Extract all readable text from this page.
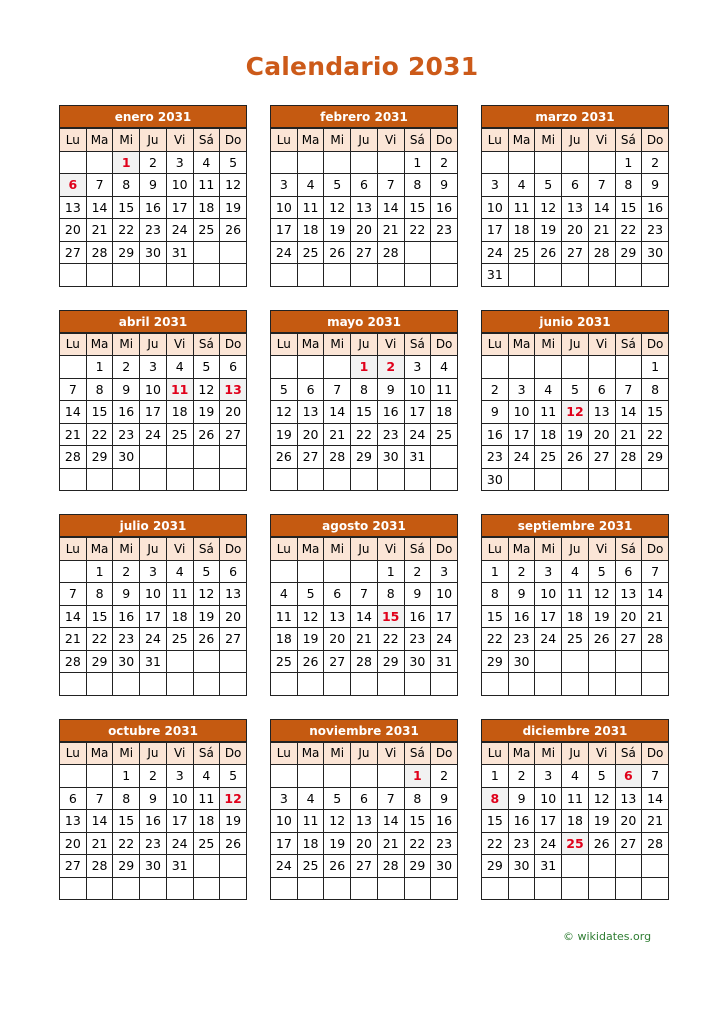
Calendario 2031
enero 2031
Lu	Ma	Mi	Ju	Vi	Sá	Do
		1	2	3	4	5
6	7	8	9	10	11	12
13	14	15	16	17	18	19
20	21	22	23	24	25	26
27	28	29	30	31		

febrero 2031
Lu	Ma	Mi	Ju	Vi	Sá	Do
					1	2
3	4	5	6	7	8	9
10	11	12	13	14	15	16
17	18	19	20	21	22	23
24	25	26	27	28		

marzo 2031
Lu	Ma	Mi	Ju	Vi	Sá	Do
					1	2
3	4	5	6	7	8	9
10	11	12	13	14	15	16
17	18	19	20	21	22	23
24	25	26	27	28	29	30
31						
abril 2031
Lu	Ma	Mi	Ju	Vi	Sá	Do
	1	2	3	4	5	6
7	8	9	10	11	12	13
14	15	16	17	18	19	20
21	22	23	24	25	26	27
28	29	30				

mayo 2031
Lu	Ma	Mi	Ju	Vi	Sá	Do
			1	2	3	4
5	6	7	8	9	10	11
12	13	14	15	16	17	18
19	20	21	22	23	24	25
26	27	28	29	30	31	

junio 2031
Lu	Ma	Mi	Ju	Vi	Sá	Do
						1
2	3	4	5	6	7	8
9	10	11	12	13	14	15
16	17	18	19	20	21	22
23	24	25	26	27	28	29
30						
julio 2031
Lu	Ma	Mi	Ju	Vi	Sá	Do
	1	2	3	4	5	6
7	8	9	10	11	12	13
14	15	16	17	18	19	20
21	22	23	24	25	26	27
28	29	30	31			

agosto 2031
Lu	Ma	Mi	Ju	Vi	Sá	Do
				1	2	3
4	5	6	7	8	9	10
11	12	13	14	15	16	17
18	19	20	21	22	23	24
25	26	27	28	29	30	31

septiembre 2031
Lu	Ma	Mi	Ju	Vi	Sá	Do
1	2	3	4	5	6	7
8	9	10	11	12	13	14
15	16	17	18	19	20	21
22	23	24	25	26	27	28
29	30					

octubre 2031
Lu	Ma	Mi	Ju	Vi	Sá	Do
		1	2	3	4	5
6	7	8	9	10	11	12
13	14	15	16	17	18	19
20	21	22	23	24	25	26
27	28	29	30	31		

noviembre 2031
Lu	Ma	Mi	Ju	Vi	Sá	Do
					1	2
3	4	5	6	7	8	9
10	11	12	13	14	15	16
17	18	19	20	21	22	23
24	25	26	27	28	29	30

diciembre 2031
Lu	Ma	Mi	Ju	Vi	Sá	Do
1	2	3	4	5	6	7
8	9	10	11	12	13	14
15	16	17	18	19	20	21
22	23	24	25	26	27	28
29	30	31				

© wikidates.org
